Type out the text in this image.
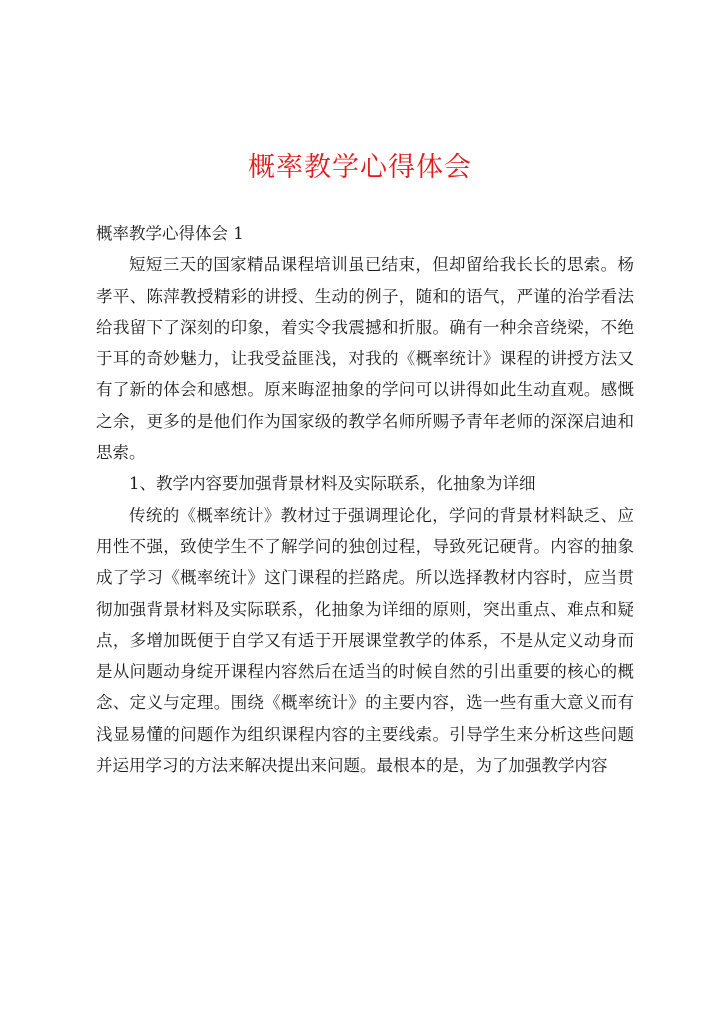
概率教学心得体会

概率教学心得体会 1

短短三天的国家精品课程培训虽已结束，但却留给我长长的思索。杨孝平、陈萍教授精彩的讲授、生动的例子，随和的语气，严谨的治学看法给我留下了深刻的印象，着实令我震撼和折服。确有一种余音绕梁，不绝于耳的奇妙魅力，让我受益匪浅，对我的《概率统计》课程的讲授方法又有了新的体会和感想。原来晦涩抽象的学问可以讲得如此生动直观。感慨之余，更多的是他们作为国家级的教学名师所赐予青年老师的深深启迪和思索。

1、教学内容要加强背景材料及实际联系，化抽象为详细

传统的《概率统计》教材过于强调理论化，学问的背景材料缺乏、应用性不强，致使学生不了解学问的独创过程，导致死记硬背。内容的抽象成了学习《概率统计》这门课程的拦路虎。所以选择教材内容时，应当贯彻加强背景材料及实际联系，化抽象为详细的原则，突出重点、难点和疑点，多增加既便于自学又有适于开展课堂教学的体系，不是从定义动身而是从问题动身绽开课程内容然后在适当的时候自然的引出重要的核心的概念、定义与定理。围绕《概率统计》的主要内容，选一些有重大意义而有浅显易懂的问题作为组织课程内容的主要线索。引导学生来分析这些问题并运用学习的方法来解决提出来问题。最根本的是，为了加强教学内容
